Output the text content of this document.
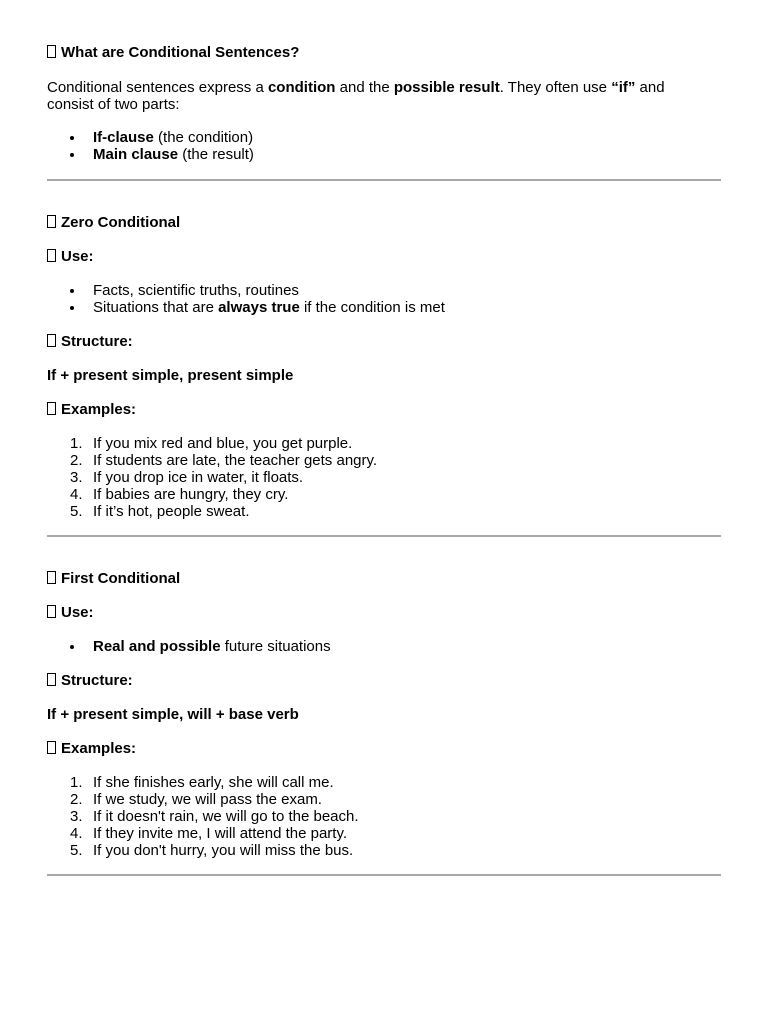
What are Conditional Sentences?

Conditional sentences express a condition and the possible result. They often use “if” and
consist of two parts:

If-clause (the condition)
Main clause (the result)

Zero Conditional

Use:

Facts, scientific truths, routines
Situations that are always true if the condition is met

Structure:

If + present simple, present simple

Examples:

1. If you mix red and blue, you get purple.
2. If students are late, the teacher gets angry.
3. If you drop ice in water, it floats.
4. If babies are hungry, they cry.
5. If it’s hot, people sweat.

First Conditional

Use:

Real and possible future situations

Structure:

If + present simple, will + base verb

Examples:

1. If she finishes early, she will call me.
2. If we study, we will pass the exam.
3. If it doesn't rain, we will go to the beach.
4. If they invite me, I will attend the party.
5. If you don't hurry, you will miss the bus.
